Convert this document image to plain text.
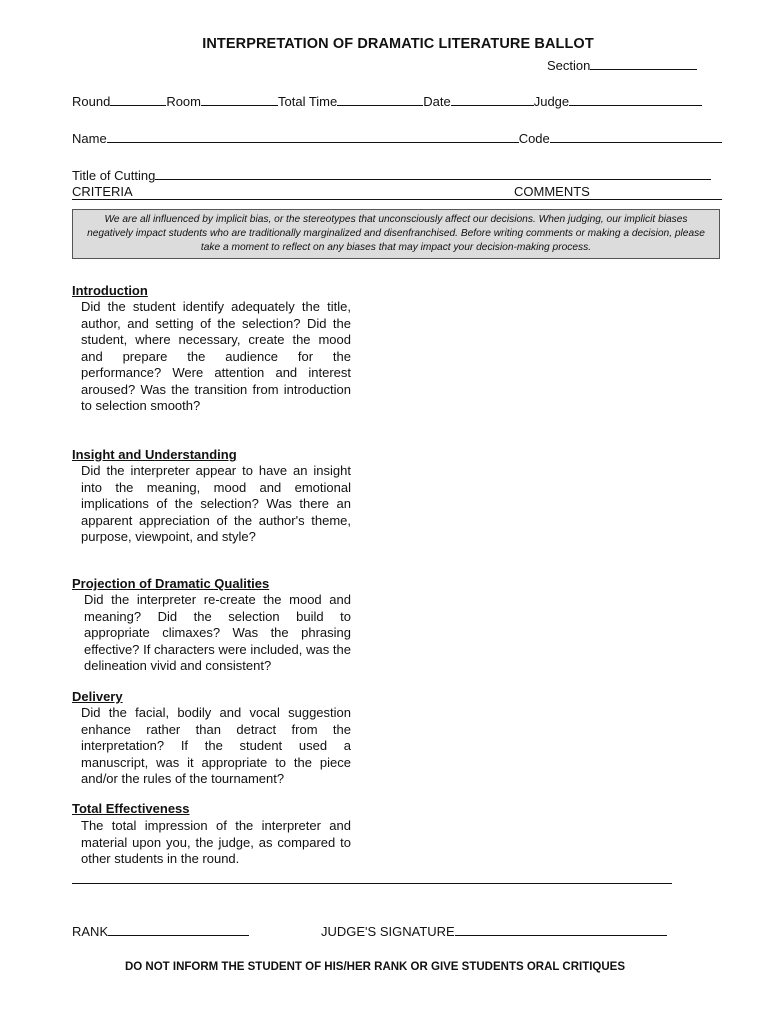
INTERPRETATION OF DRAMATIC LITERATURE BALLOT
Section
Round	Room	Total Time	Date	Judge
Name	Code
Title of Cutting
CRITERIA	COMMENTS
We are all influenced by implicit bias, or the stereotypes that unconsciously affect our decisions. When judging, our implicit biases negatively impact students who are traditionally marginalized and disenfranchised. Before writing comments or making a decision, please take a moment to reflect on any biases that may impact your decision-making process.
Introduction
Did the student identify adequately the title, author, and setting of the selection? Did the student, where necessary, create the mood and prepare the audience for the performance? Were attention and interest aroused? Was the transition from introduction to selection smooth?
Insight and Understanding
Did the interpreter appear to have an insight into the meaning, mood and emotional implications of the selection? Was there an apparent appreciation of the author's theme, purpose, viewpoint, and style?
Projection of Dramatic Qualities
Did the interpreter re-create the mood and meaning? Did the selection build to appropriate climaxes? Was the phrasing effective? If characters were included, was the delineation vivid and consistent?
Delivery
Did the facial, bodily and vocal suggestion enhance rather than detract from the interpretation? If the student used a manuscript, was it appropriate to the piece and/or the rules of the tournament?
Total Effectiveness
The total impression of the interpreter and material upon you, the judge, as compared to other students in the round.
RANK	JUDGE'S SIGNATURE
DO NOT INFORM THE STUDENT OF HIS/HER RANK OR GIVE STUDENTS ORAL CRITIQUES
